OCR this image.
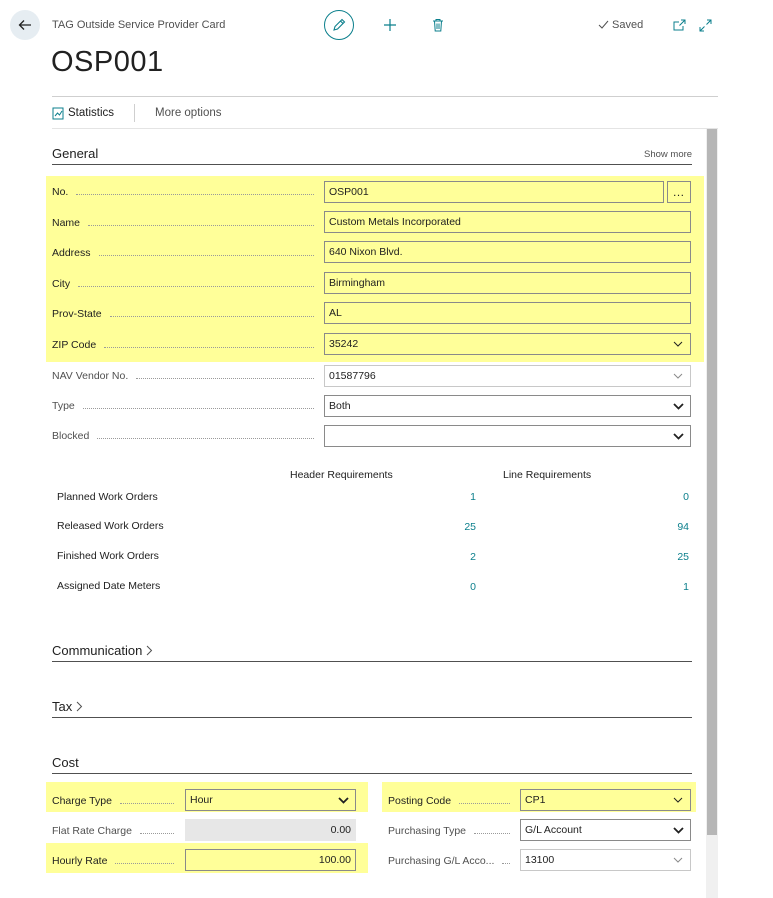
TAG Outside Service Provider Card
OSP001
Saved
Statistics	More options
General	Show more
No.	OSP001	…
Name	Custom Metals Incorporated
Address	640 Nixon Blvd.
City	Birmingham
Prov-State	AL
ZIP Code	35242
NAV Vendor No.	01587796
Type	Both
Blocked
Header Requirements	Line Requirements
Planned Work Orders	1	0
Released Work Orders	25	94
Finished Work Orders	2	25
Assigned Date Meters	0	1
Communication
Tax
Cost
Charge Type	Hour
Flat Rate Charge	0.00
Hourly Rate	100.00
Posting Code	CP1
Purchasing Type	G/L Account
Purchasing G/L Acco...	13100
